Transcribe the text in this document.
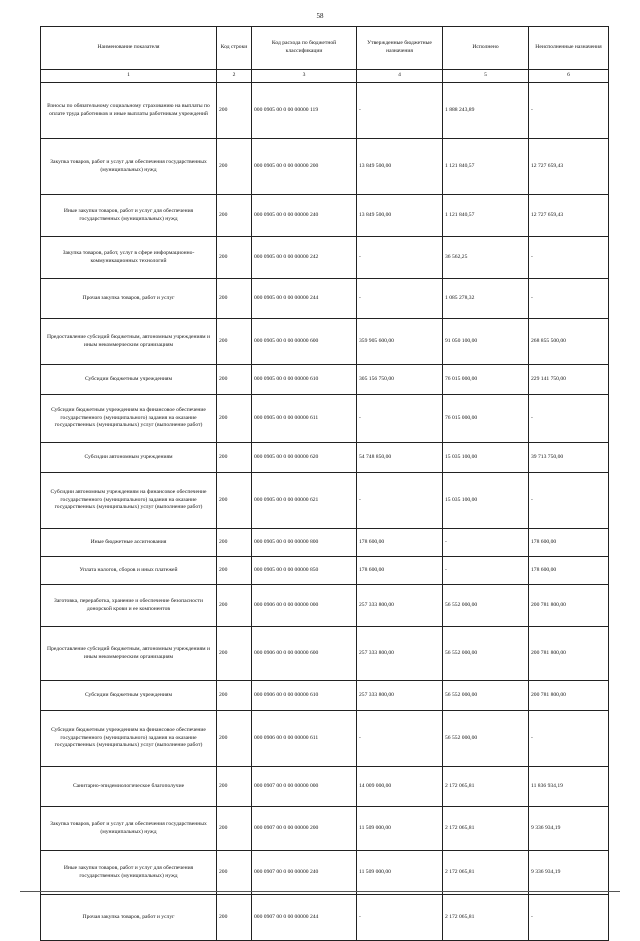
58
Наименование показателя	Код строки	Код расхода по бюджетной классификации	Утвержденные бюджетные назначения	Исполнено	Неисполненные назначения
1	2	3	4	5	6
Взносы по обязательному социальному страхованию на выплаты по оплате труда работников и иные выплаты работникам учреждений	200	000 0905 00 0 00 00000 119	-	1 888 243,89	-
Закупка товаров, работ и услуг для обеспечения государственных (муниципальных) нужд	200	000 0905 00 0 00 00000 200	13 849 500,00	1 121 840,57	12 727 659,43
Иные закупки товаров, работ и услуг для обеспечения государственных (муниципальных) нужд	200	000 0905 00 0 00 00000 240	13 849 500,00	1 121 840,57	12 727 659,43
Закупка товаров, работ, услуг в сфере информационно-коммуникационных технологий	200	000 0905 00 0 00 00000 242	-	36 562,25	-
Прочая закупка товаров, работ и услуг	200	000 0905 00 0 00 00000 244	-	1 085 278,32	-
Предоставление субсидий бюджетным, автономным учреждениям и иным некоммерческим организациям	200	000 0905 00 0 00 00000 600	359 905 600,00	91 050 100,00	268 855 500,00
Субсидии бюджетным учреждениям	200	000 0905 00 0 00 00000 610	305 156 750,00	76 015 000,00	229 141 750,00
Субсидии бюджетным учреждениям на финансовое обеспечение государственного (муниципального) задания на оказание государственных (муниципальных) услуг (выполнение работ)	200	000 0905 00 0 00 00000 611	-	76 015 000,00	-
Субсидии автономным учреждениям	200	000 0905 00 0 00 00000 620	54 748 850,00	15 035 100,00	39 713 750,00
Субсидии автономным учреждениям на финансовое обеспечение государственного (муниципального) задания на оказание государственных (муниципальных) услуг (выполнение работ)	200	000 0905 00 0 00 00000 621	-	15 035 100,00	-
Иные бюджетные ассигнования	200	000 0905 00 0 00 00000 800	178 600,00	-	178 600,00
Уплата налогов, сборов и иных платежей	200	000 0905 00 0 00 00000 850	178 600,00	-	178 600,00
Заготовка, переработка, хранение и обеспечение безопасности донорской крови и ее компонентов	200	000 0906 00 0 00 00000 000	257 333 800,00	56 552 000,00	200 781 800,00
Предоставление субсидий бюджетным, автономным учреждениям и иным некоммерческим организациям	200	000 0906 00 0 00 00000 600	257 333 800,00	56 552 000,00	200 781 800,00
Субсидии бюджетным учреждениям	200	000 0906 00 0 00 00000 610	257 333 800,00	56 552 000,00	200 781 800,00
Субсидии бюджетным учреждениям на финансовое обеспечение государственного (муниципального) задания на оказание государственных (муниципальных) услуг (выполнение работ)	200	000 0906 00 0 00 00000 611	-	56 552 000,00	-
Санитарно-эпидемиологическое благополучие	200	000 0907 00 0 00 00000 000	14 009 000,00	2 172 065,81	11 836 934,19
Закупка товаров, работ и услуг для обеспечения государственных (муниципальных) нужд	200	000 0907 00 0 00 00000 200	11 509 000,00	2 172 065,81	9 336 934,19
Иные закупки товаров, работ и услуг для обеспечения государственных (муниципальных) нужд	200	000 0907 00 0 00 00000 240	11 509 000,00	2 172 065,81	9 336 934,19
Прочая закупка товаров, работ и услуг	200	000 0907 00 0 00 00000 244	-	2 172 065,81	-
